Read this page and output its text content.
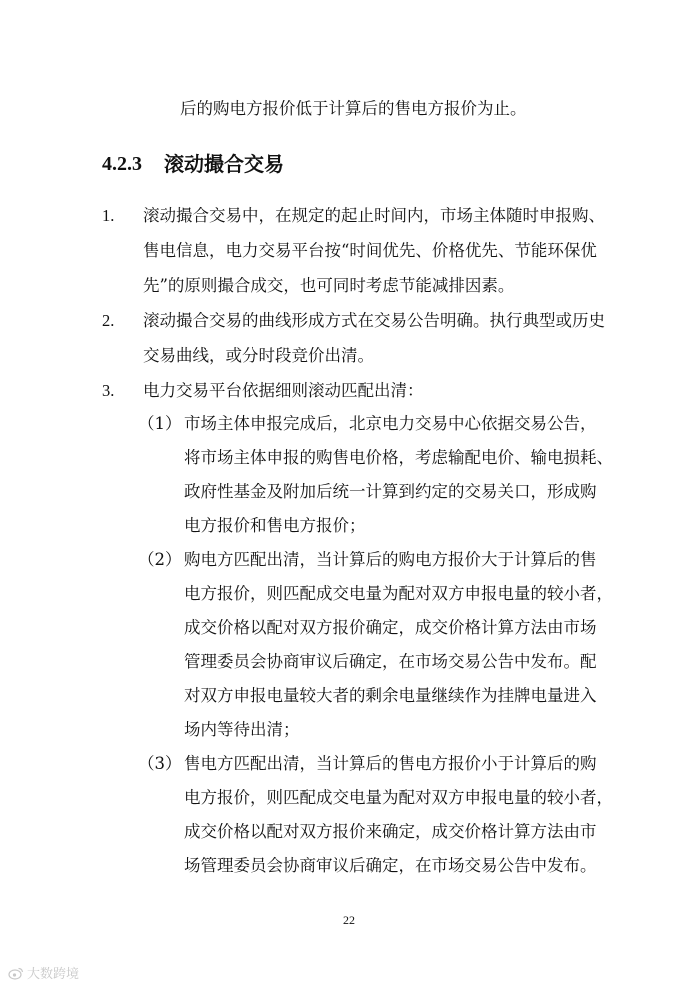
后的购电方报价低于计算后的售电方报价为止。
4.2.3 滚动撮合交易
1. 滚动撮合交易中，在规定的起止时间内，市场主体随时申报购、
售电信息，电力交易平台按“时间优先、价格优先、节能环保优
先”的原则撮合成交，也可同时考虑节能减排因素。
2. 滚动撮合交易的曲线形成方式在交易公告明确。执行典型或历史
交易曲线，或分时段竞价出清。
3. 电力交易平台依据细则滚动匹配出清：
（1） 市场主体申报完成后，北京电力交易中心依据交易公告，
将市场主体申报的购售电价格，考虑输配电价、输电损耗、
政府性基金及附加后统一计算到约定的交易关口，形成购
电方报价和售电方报价；
（2） 购电方匹配出清，当计算后的购电方报价大于计算后的售
电方报价，则匹配成交电量为配对双方申报电量的较小者，
成交价格以配对双方报价确定，成交价格计算方法由市场
管理委员会协商审议后确定，在市场交易公告中发布。配
对双方申报电量较大者的剩余电量继续作为挂牌电量进入
场内等待出清；
（3） 售电方匹配出清，当计算后的售电方报价小于计算后的购
电方报价，则匹配成交电量为配对双方申报电量的较小者，
成交价格以配对双方报价来确定，成交价格计算方法由市
场管理委员会协商审议后确定，在市场交易公告中发布。
22
大数跨境
